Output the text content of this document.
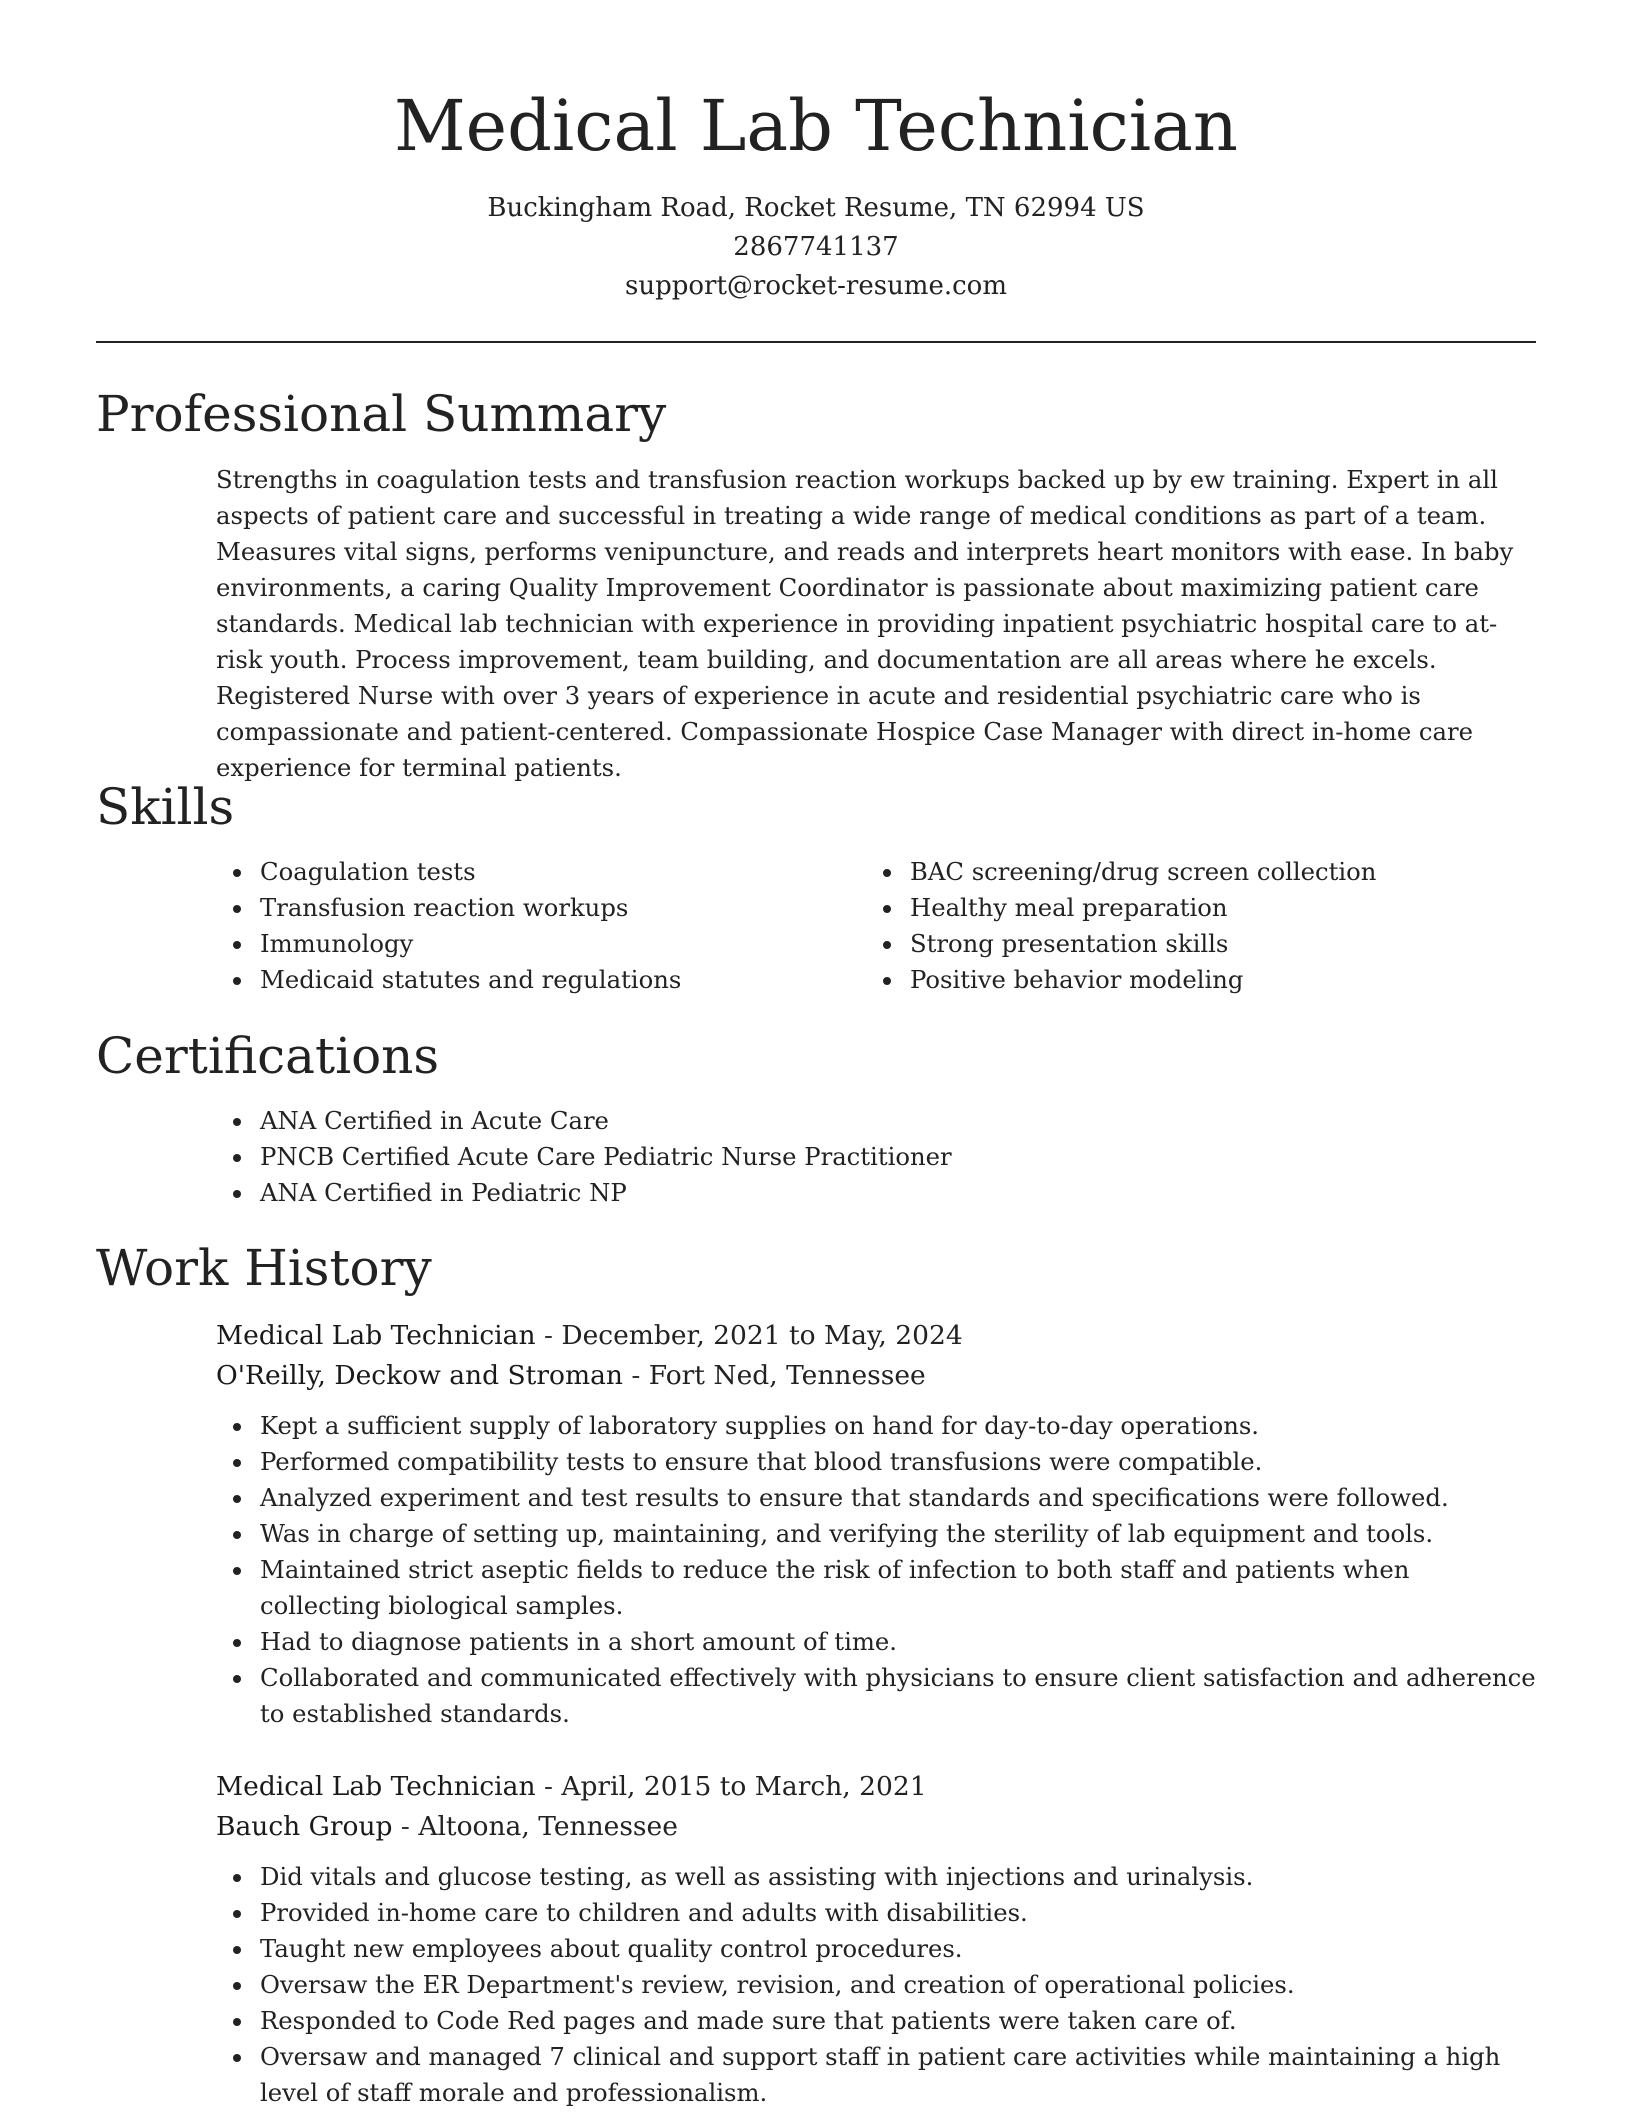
Medical Lab Technician
Buckingham Road, Rocket Resume, TN 62994 US
2867741137
support@rocket-resume.com
Professional Summary
Strengths in coagulation tests and transfusion reaction workups backed up by ew training. Expert in all aspects of patient care and successful in treating a wide range of medical conditions as part of a team. Measures vital signs, performs venipuncture, and reads and interprets heart monitors with ease. In baby environments, a caring Quality Improvement Coordinator is passionate about maximizing patient care standards. Medical lab technician with experience in providing inpatient psychiatric hospital care to at-risk youth. Process improvement, team building, and documentation are all areas where he excels. Registered Nurse with over 3 years of experience in acute and residential psychiatric care who is compassionate and patient-centered. Compassionate Hospice Case Manager with direct in-home care experience for terminal patients.
Skills
Coagulation tests
Transfusion reaction workups
Immunology
Medicaid statutes and regulations
BAC screening/drug screen collection
Healthy meal preparation
Strong presentation skills
Positive behavior modeling
Certifications
ANA Certified in Acute Care
PNCB Certified Acute Care Pediatric Nurse Practitioner
ANA Certified in Pediatric NP
Work History
Medical Lab Technician - December, 2021 to May, 2024
O'Reilly, Deckow and Stroman - Fort Ned, Tennessee
Kept a sufficient supply of laboratory supplies on hand for day-to-day operations.
Performed compatibility tests to ensure that blood transfusions were compatible.
Analyzed experiment and test results to ensure that standards and specifications were followed.
Was in charge of setting up, maintaining, and verifying the sterility of lab equipment and tools.
Maintained strict aseptic fields to reduce the risk of infection to both staff and patients when collecting biological samples.
Had to diagnose patients in a short amount of time.
Collaborated and communicated effectively with physicians to ensure client satisfaction and adherence to established standards.
Medical Lab Technician - April, 2015 to March, 2021
Bauch Group - Altoona, Tennessee
Did vitals and glucose testing, as well as assisting with injections and urinalysis.
Provided in-home care to children and adults with disabilities.
Taught new employees about quality control procedures.
Oversaw the ER Department's review, revision, and creation of operational policies.
Responded to Code Red pages and made sure that patients were taken care of.
Oversaw and managed 7 clinical and support staff in patient care activities while maintaining a high level of staff morale and professionalism.
